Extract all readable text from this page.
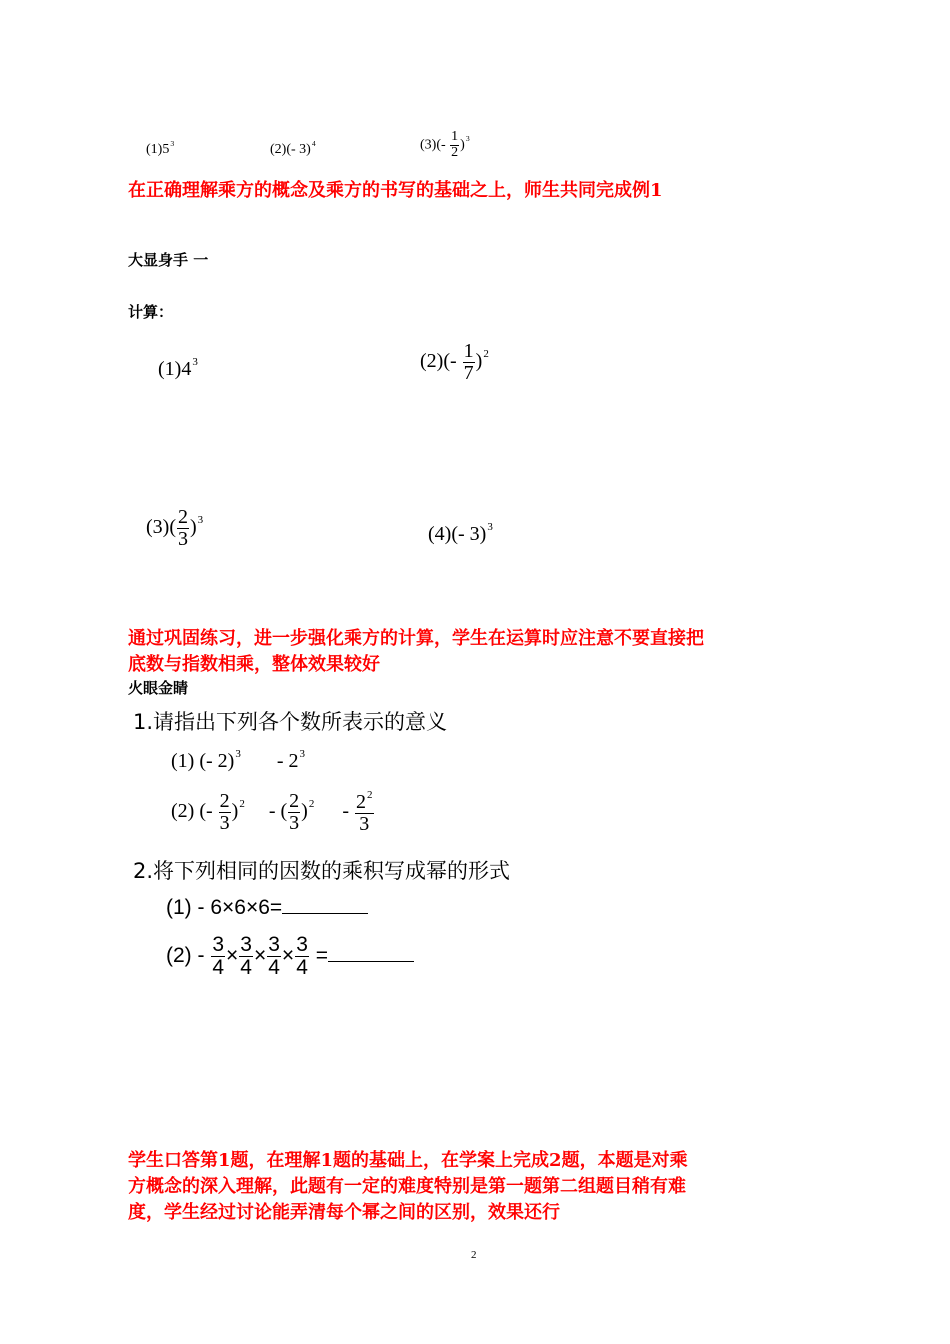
$(1)5^3$	(2)(- 3)$^4$	$(3)(- \frac{1}{2} )^3$
在正确理解乘方的概念及乘方的书写的基础之上，师生共同完成例1
大显身手 一
计算：
$(1)4^3$	$(2)(- \frac{1}{7} )^2$
$(3)( \frac{2}{3} )^3$
(4)(- 3)$^3$
通过巩固练习，进一步强化乘方的计算，学生在运算时应注意不要直接把
底数与指数相乘，整体效果较好
火眼金睛
1.请指出下列各个数所表示的意义
(1) (- $2)^3 - 2^3$
(2) (- $\frac{2}{3} )^2$ - ( $\frac{2}{3} )^2 - \frac{2^2}{3}$
2.将下列相同的因数的乘积写成幂的形式
(1) - 6×6×6=
$(2) - \frac{3}{4} \times \frac{3}{4} \times \frac{3}{4} \times \frac{3}{4}$ =
学生口答第1题，在理解1题的基础上，在学案上完成2题，本题是对乘
方概念的深入理解，此题有一定的难度特别是第一题第二组题目稍有难
度，学生经过讨论能弄清每个幂之间的区别，效果还行
2
